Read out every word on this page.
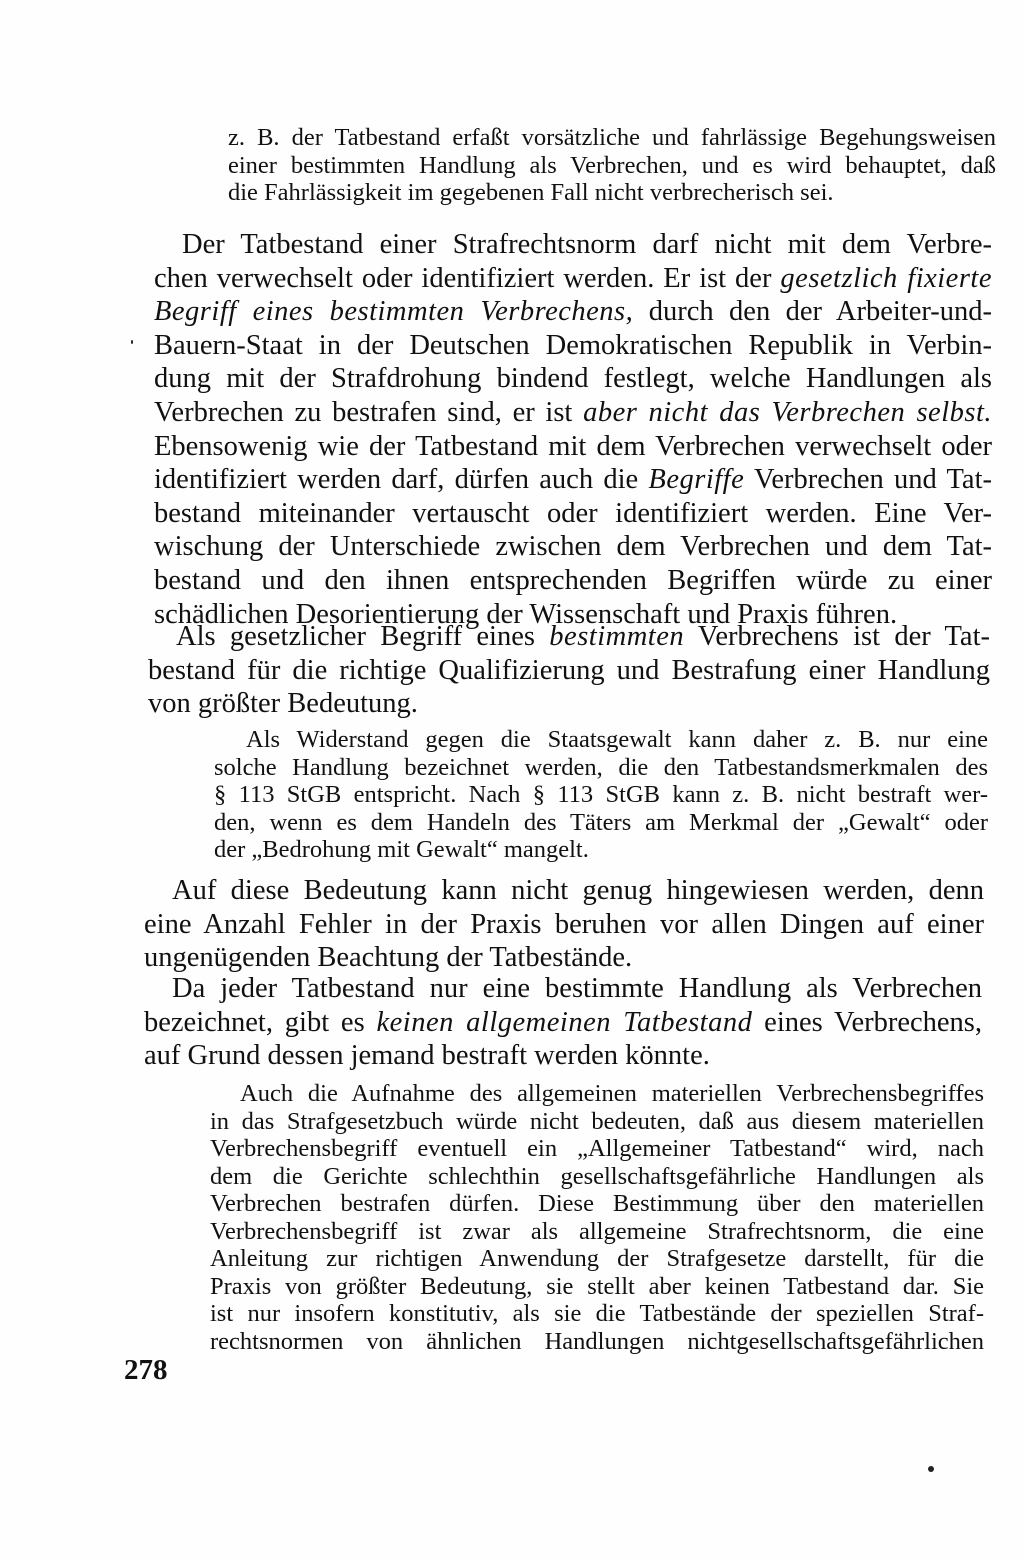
z. B. der Tatbestand erfaßt vorsätzliche und fahrlässige Begehungsweisen
einer bestimmten Handlung als Verbrechen, und es wird behauptet, daß
die Fahrlässigkeit im gegebenen Fall nicht verbrecherisch sei.
Der Tatbestand einer Strafrechtsnorm darf nicht mit dem Verbre-
chen verwechselt oder identifiziert werden. Er ist der gesetzlich fixierte
Begriff eines bestimmten Verbrechens, durch den der Arbeiter-und-
Bauern-Staat in der Deutschen Demokratischen Republik in Verbin-
dung mit der Strafdrohung bindend festlegt, welche Handlungen als
Verbrechen zu bestrafen sind, er ist aber nicht das Verbrechen selbst.
Ebensowenig wie der Tatbestand mit dem Verbrechen verwechselt oder
identifiziert werden darf, dürfen auch die Begriffe Verbrechen und Tat-
bestand miteinander vertauscht oder identifiziert werden. Eine Ver-
wischung der Unterschiede zwischen dem Verbrechen und dem Tat-
bestand und den ihnen entsprechenden Begriffen würde zu einer
schädlichen Desorientierung der Wissenschaft und Praxis führen.
Als gesetzlicher Begriff eines bestimmten Verbrechens ist der Tat-
bestand für die richtige Qualifizierung und Bestrafung einer Handlung
von größter Bedeutung.
Als Widerstand gegen die Staatsgewalt kann daher z. B. nur eine
solche Handlung bezeichnet werden, die den Tatbestandsmerkmalen des
§ 113 StGB entspricht. Nach § 113 StGB kann z. B. nicht bestraft wer-
den, wenn es dem Handeln des Täters am Merkmal der „Gewalt“ oder
der „Bedrohung mit Gewalt“ mangelt.
Auf diese Bedeutung kann nicht genug hingewiesen werden, denn
eine Anzahl Fehler in der Praxis beruhen vor allen Dingen auf einer
ungenügenden Beachtung der Tatbestände.
Da jeder Tatbestand nur eine bestimmte Handlung als Verbrechen
bezeichnet, gibt es keinen allgemeinen Tatbestand eines Verbrechens,
auf Grund dessen jemand bestraft werden könnte.
Auch die Aufnahme des allgemeinen materiellen Verbrechensbegriffes
in das Strafgesetzbuch würde nicht bedeuten, daß aus diesem materiellen
Verbrechensbegriff eventuell ein „Allgemeiner Tatbestand“ wird, nach
dem die Gerichte schlechthin gesellschaftsgefährliche Handlungen als
Verbrechen bestrafen dürfen. Diese Bestimmung über den materiellen
Verbrechensbegriff ist zwar als allgemeine Strafrechtsnorm, die eine
Anleitung zur richtigen Anwendung der Strafgesetze darstellt, für die
Praxis von größter Bedeutung, sie stellt aber keinen Tatbestand dar. Sie
ist nur insofern konstitutiv, als sie die Tatbestände der speziellen Straf-
rechtsnormen von ähnlichen Handlungen nichtgesellschaftsgefährlichen
278
